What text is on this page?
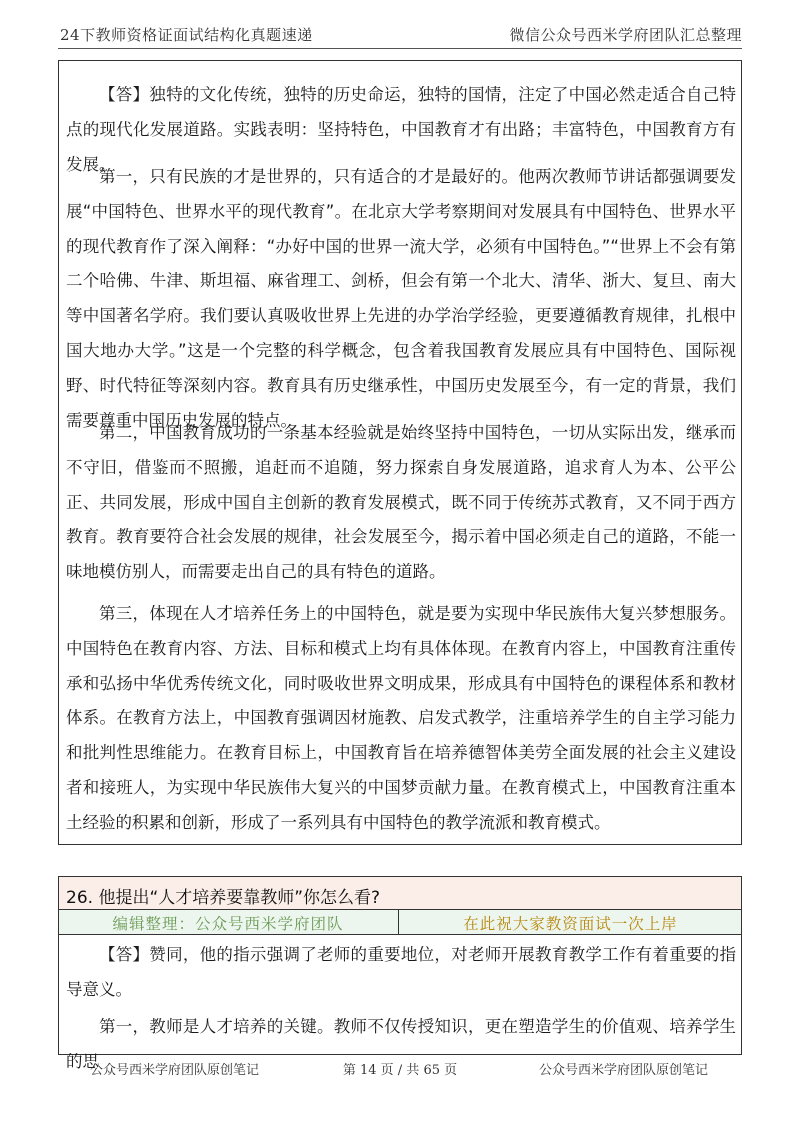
24下教师资格证面试结构化真题速递	微信公众号西米学府团队汇总整理

【答】独特的文化传统，独特的历史命运，独特的国情，注定了中国必然走适合自己特点的现代化发展道路。实践表明：坚持特色，中国教育才有出路；丰富特色，中国教育方有发展。

第一，只有民族的才是世界的，只有适合的才是最好的。他两次教师节讲话都强调要发展“中国特色、世界水平的现代教育”。在北京大学考察期间对发展具有中国特色、世界水平的现代教育作了深入阐释：“办好中国的世界一流大学，必须有中国特色。”“世界上不会有第二个哈佛、牛津、斯坦福、麻省理工、剑桥，但会有第一个北大、清华、浙大、复旦、南大等中国著名学府。我们要认真吸收世界上先进的办学治学经验，更要遵循教育规律，扎根中国大地办大学。”这是一个完整的科学概念，包含着我国教育发展应具有中国特色、国际视野、时代特征等深刻内容。教育具有历史继承性，中国历史发展至今，有一定的背景，我们需要尊重中国历史发展的特点。

第二，中国教育成功的一条基本经验就是始终坚持中国特色，一切从实际出发，继承而不守旧，借鉴而不照搬，追赶而不追随，努力探索自身发展道路，追求育人为本、公平公正、共同发展，形成中国自主创新的教育发展模式，既不同于传统苏式教育，又不同于西方教育。教育要符合社会发展的规律，社会发展至今，揭示着中国必须走自己的道路，不能一味地模仿别人，而需要走出自己的具有特色的道路。

第三，体现在人才培养任务上的中国特色，就是要为实现中华民族伟大复兴梦想服务。中国特色在教育内容、方法、目标和模式上均有具体体现。在教育内容上，中国教育注重传承和弘扬中华优秀传统文化，同时吸收世界文明成果，形成具有中国特色的课程体系和教材体系。在教育方法上，中国教育强调因材施教、启发式教学，注重培养学生的自主学习能力和批判性思维能力。在教育目标上，中国教育旨在培养德智体美劳全面发展的社会主义建设者和接班人，为实现中华民族伟大复兴的中国梦贡献力量。在教育模式上，中国教育注重本土经验的积累和创新，形成了一系列具有中国特色的教学流派和教育模式。

26. 他提出“人才培养要靠教师”你怎么看?
编辑整理：公众号西米学府团队	在此祝大家教资面试一次上岸

【答】赞同，他的指示强调了老师的重要地位，对老师开展教育教学工作有着重要的指导意义。

第一，教师是人才培养的关键。教师不仅传授知识，更在塑造学生的价值观、培养学生的思

公众号西米学府团队原创笔记	第 14 页 / 共 65 页	公众号西米学府团队原创笔记
